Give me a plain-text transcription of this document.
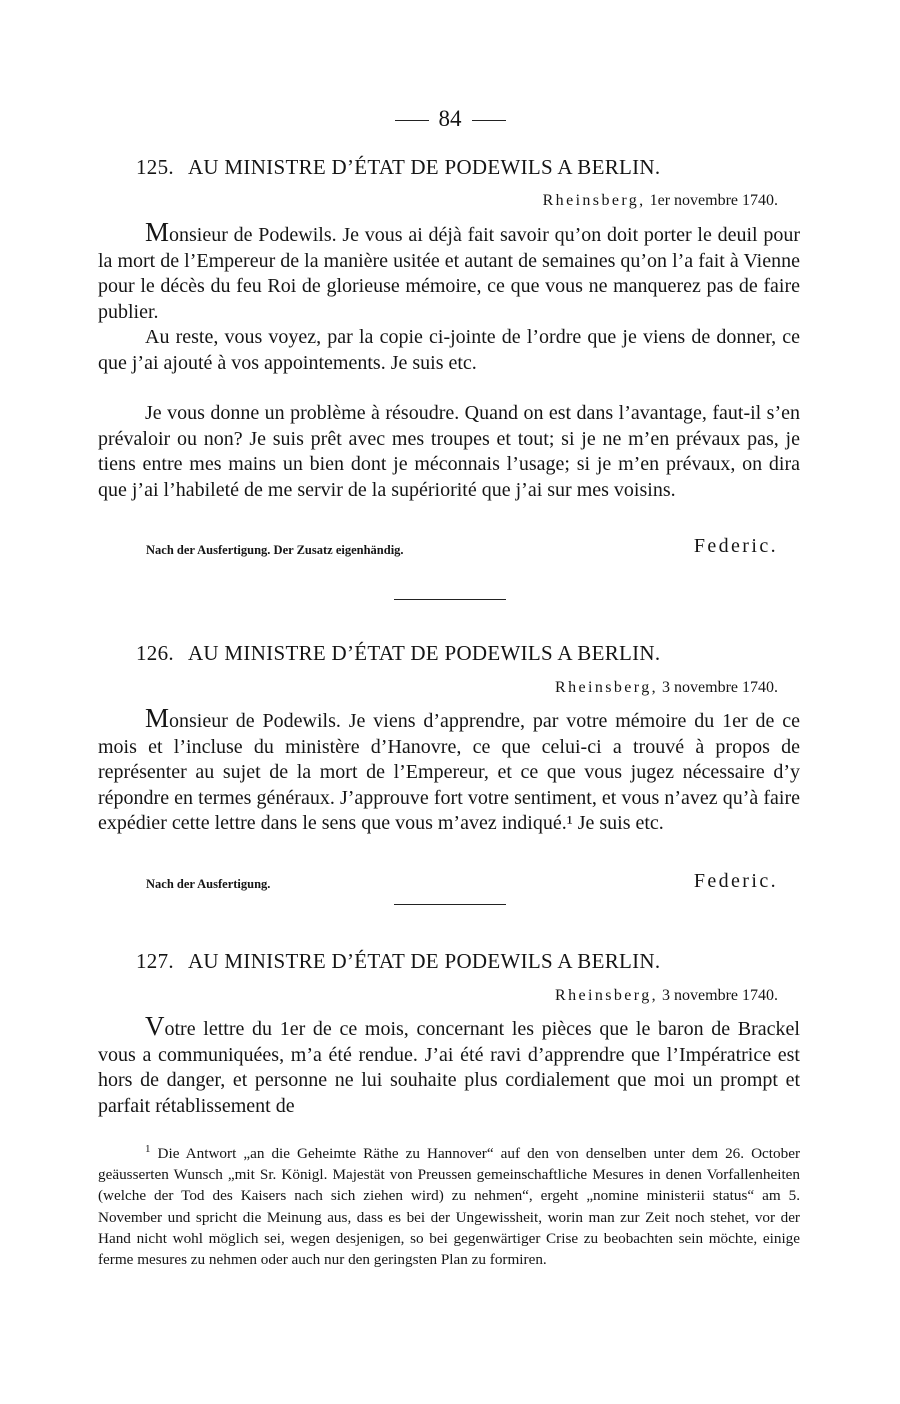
84
125. AU MINISTRE D’ÉTAT DE PODEWILS A BERLIN.
Rheinsberg, 1er novembre 1740.

Monsieur de Podewils. Je vous ai déjà fait savoir qu’on doit porter le deuil pour la mort de l’Empereur de la manière usitée et autant de semaines qu’on l’a fait à Vienne pour le décès du feu Roi de glorieuse mémoire, ce que vous ne manquerez pas de faire publier.

Au reste, vous voyez, par la copie ci-jointe de l’ordre que je viens de donner, ce que j’ai ajouté à vos appointements. Je suis etc.

Je vous donne un problème à résoudre. Quand on est dans l’avantage, faut-il s’en prévaloir ou non? Je suis prêt avec mes troupes et tout; si je ne m’en prévaux pas, je tiens entre mes mains un bien dont je méconnais l’usage; si je m’en prévaux, on dira que j’ai l’habileté de me servir de la supériorité que j’ai sur mes voisins.

Nach der Ausfertigung. Der Zusatz eigenhändig.	Federic.
126. AU MINISTRE D’ÉTAT DE PODEWILS A BERLIN.
Rheinsberg, 3 novembre 1740.

Monsieur de Podewils. Je viens d’apprendre, par votre mémoire du 1er de ce mois et l’incluse du ministère d’Hanovre, ce que celui-ci a trouvé à propos de représenter au sujet de la mort de l’Empereur, et ce que vous jugez nécessaire d’y répondre en termes généraux. J’approuve fort votre sentiment, et vous n’avez qu’à faire expédier cette lettre dans le sens que vous m’avez indiqué.¹ Je suis etc.

Nach der Ausfertigung.	Federic.
127. AU MINISTRE D’ÉTAT DE PODEWILS A BERLIN.
Rheinsberg, 3 novembre 1740.

Votre lettre du 1er de ce mois, concernant les pièces que le baron de Brackel vous a communiquées, m’a été rendue. J’ai été ravi d’apprendre que l’Impératrice est hors de danger, et personne ne lui souhaite plus cordialement que moi un prompt et parfait rétablissement de

$^1$ Die Antwort „an die Geheimte Räthe zu Hannover“ auf den von denselben unter dem 26. October geäusserten Wunsch „mit Sr. Königl. Majestät von Preussen gemeinschaftliche Mesures in denen Vorfallenheiten (welche der Tod des Kaisers nach sich ziehen wird) zu nehmen“, ergeht „nomine ministerii status“ am 5. November und spricht die Meinung aus, dass es bei der Ungewissheit, worin man zur Zeit noch stehet, vor der Hand nicht wohl möglich sei, wegen desjenigen, so bei gegenwärtiger Crise zu beobachten sein möchte, einige ferme mesures zu nehmen oder auch nur den geringsten Plan zu formiren.
